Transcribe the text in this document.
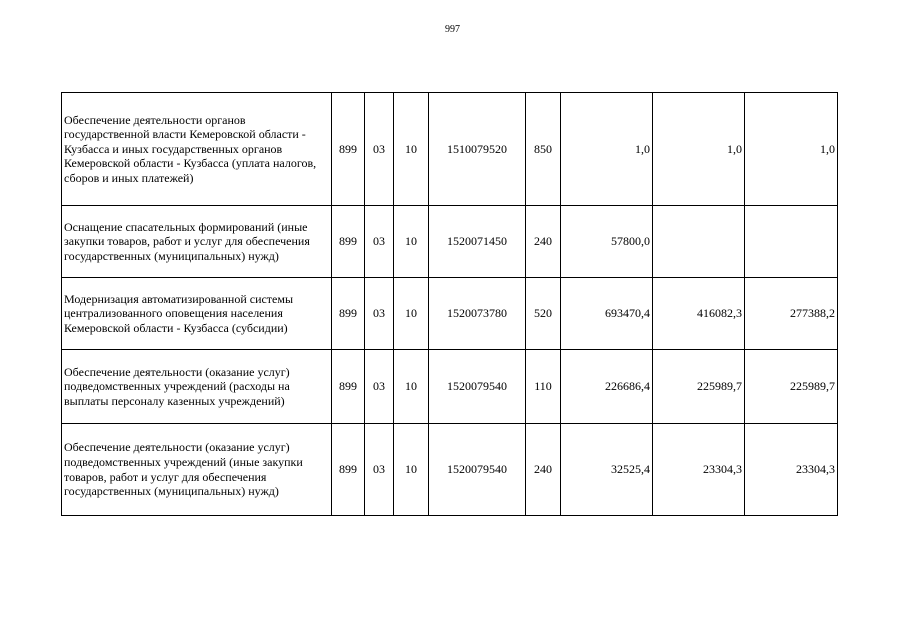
997
Обеспечение деятельности органов государственной власти Кемеровской области - Кузбасса и иных государственных органов Кемеровской области - Кузбасса (уплата налогов, сборов и иных платежей)	899	03	10	1510079520	850	1,0	1,0	1,0
Оснащение спасательных формирований (иные закупки товаров, работ и услуг для обеспечения государственных (муниципальных) нужд)	899	03	10	1520071450	240	57800,0		
Модернизация автоматизированной системы централизованного оповещения населения Кемеровской области - Кузбасса (субсидии)	899	03	10	1520073780	520	693470,4	416082,3	277388,2
Обеспечение деятельности (оказание услуг) подведомственных учреждений (расходы на выплаты персоналу казенных учреждений)	899	03	10	1520079540	110	226686,4	225989,7	225989,7
Обеспечение деятельности (оказание услуг) подведомственных учреждений (иные закупки товаров, работ и услуг для обеспечения государственных (муниципальных) нужд)	899	03	10	1520079540	240	32525,4	23304,3	23304,3
